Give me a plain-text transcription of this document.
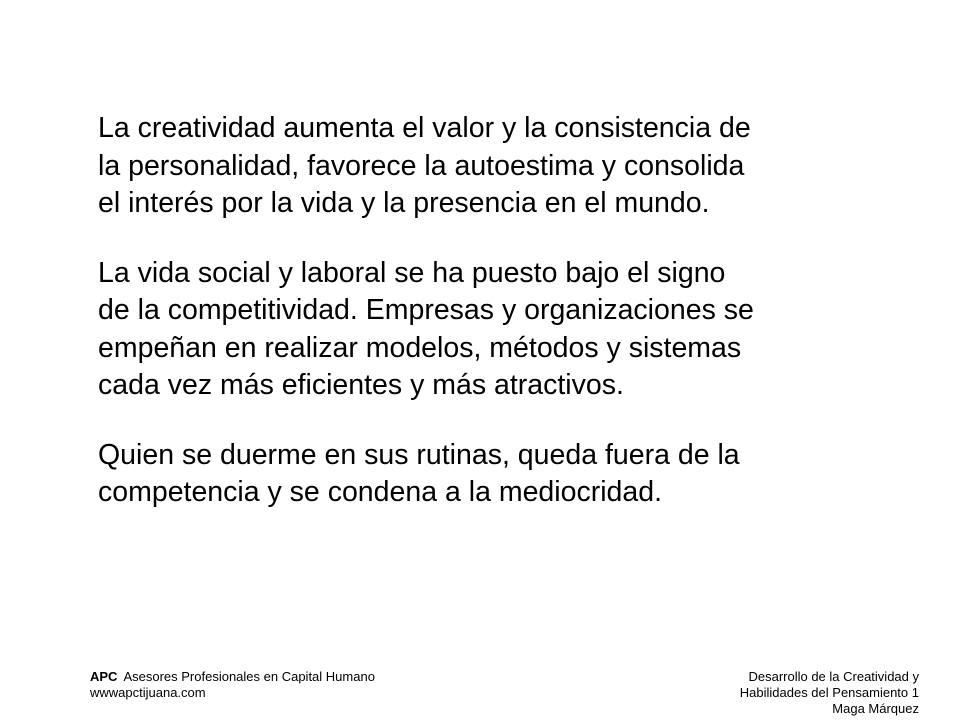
La creatividad aumenta el valor y la consistencia de
la personalidad, favorece la autoestima y consolida
el interés por la vida y la presencia en el mundo.

La vida social y laboral se ha puesto bajo el signo
de la competitividad. Empresas y organizaciones se
empeñan en realizar modelos, métodos y sistemas
cada vez más eficientes y más atractivos.

Quien se duerme en sus rutinas, queda fuera de la
competencia y se condena a la mediocridad.

APC Asesores Profesionales en Capital Humano
wwwapctijuana.com
Desarrollo de la Creatividad y
Habilidades del Pensamiento 1
Maga Márquez
